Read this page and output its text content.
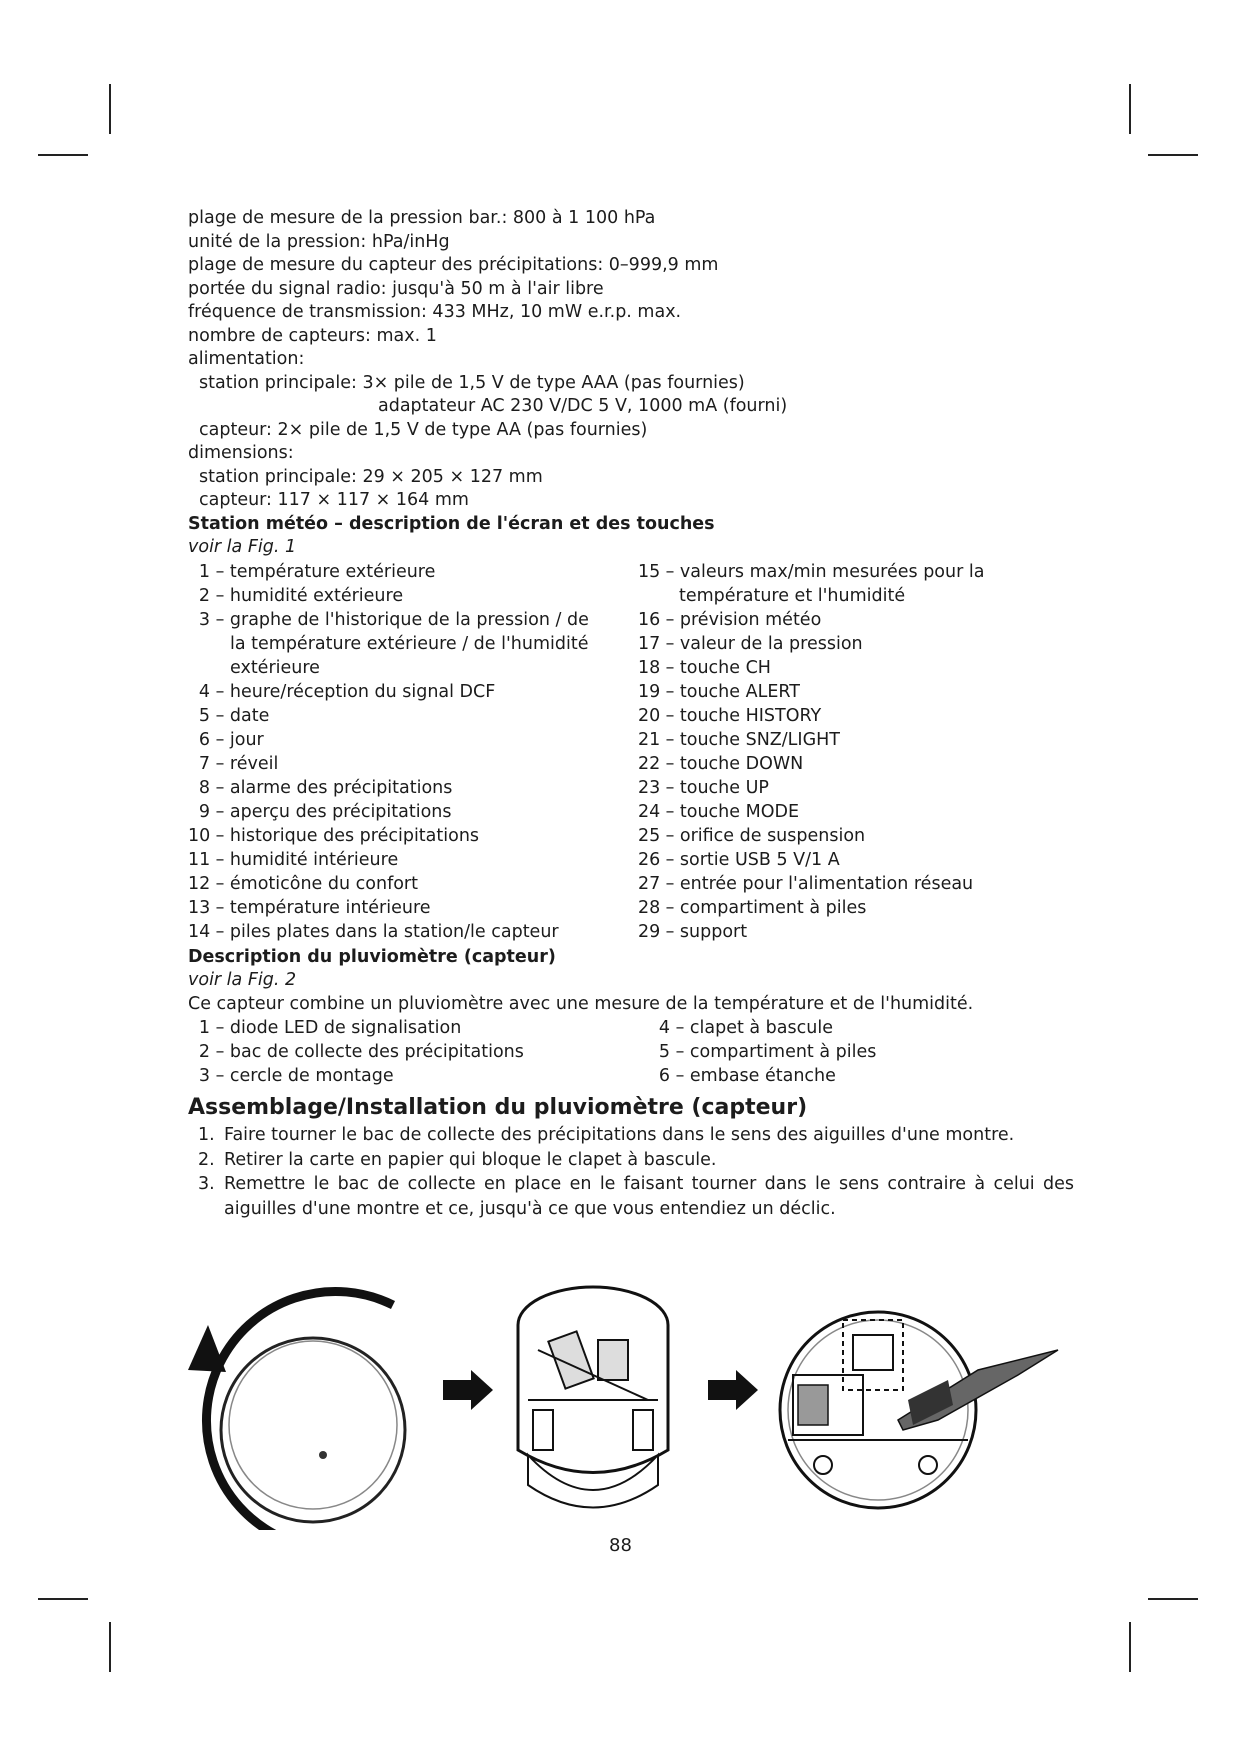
plage de mesure de la pression bar.: 800 à 1 100 hPa
unité de la pression: hPa/inHg
plage de mesure du capteur des précipitations: 0–999,9 mm
portée du signal radio: jusqu'à 50 m à l'air libre
fréquence de transmission: 433 MHz, 10 mW e.r.p. max.
nombre de capteurs: max. 1
alimentation:
station principale: 3× pile de 1,5 V de type AAA (pas fournies)
adaptateur AC 230 V/DC 5 V, 1000 mA (fourni)
capteur: 2× pile de 1,5 V de type AA (pas fournies)
dimensions:
station principale: 29 × 205 × 127 mm
capteur: 117 × 117 × 164 mm
Station météo – description de l'écran et des touches
voir la Fig. 1
1 – température extérieure
2 – humidité extérieure
3 – graphe de l'historique de la pression / de
la température extérieure / de l'humidité
extérieure
4 – heure/réception du signal DCF
5 – date
6 – jour
7 – réveil
8 – alarme des précipitations
9 – aperçu des précipitations
10 – historique des précipitations
11 – humidité intérieure
12 – émoticône du confort
13 – température intérieure
14 – piles plates dans la station/le capteur
15 – valeurs max/min mesurées pour la
température et l'humidité
16 – prévision météo
17 – valeur de la pression
18 – touche CH
19 – touche ALERT
20 – touche HISTORY
21 – touche SNZ/LIGHT
22 – touche DOWN
23 – touche UP
24 – touche MODE
25 – orifice de suspension
26 – sortie USB 5 V/1 A
27 – entrée pour l'alimentation réseau
28 – compartiment à piles
29 – support
Description du pluviomètre (capteur)
voir la Fig. 2
Ce capteur combine un pluviomètre avec une mesure de la température et de l'humidité.
1 – diode LED de signalisation
2 – bac de collecte des précipitations
3 – cercle de montage
4 – clapet à bascule
5 – compartiment à piles
6 – embase étanche
Assemblage/Installation du pluviomètre (capteur)
1. Faire tourner le bac de collecte des précipitations dans le sens des aiguilles d'une montre.
2. Retirer la carte en papier qui bloque le clapet à bascule.
3. Remettre le bac de collecte en place en le faisant tourner dans le sens contraire à celui des aiguilles d'une montre et ce, jusqu'à ce que vous entendiez un déclic.
88
